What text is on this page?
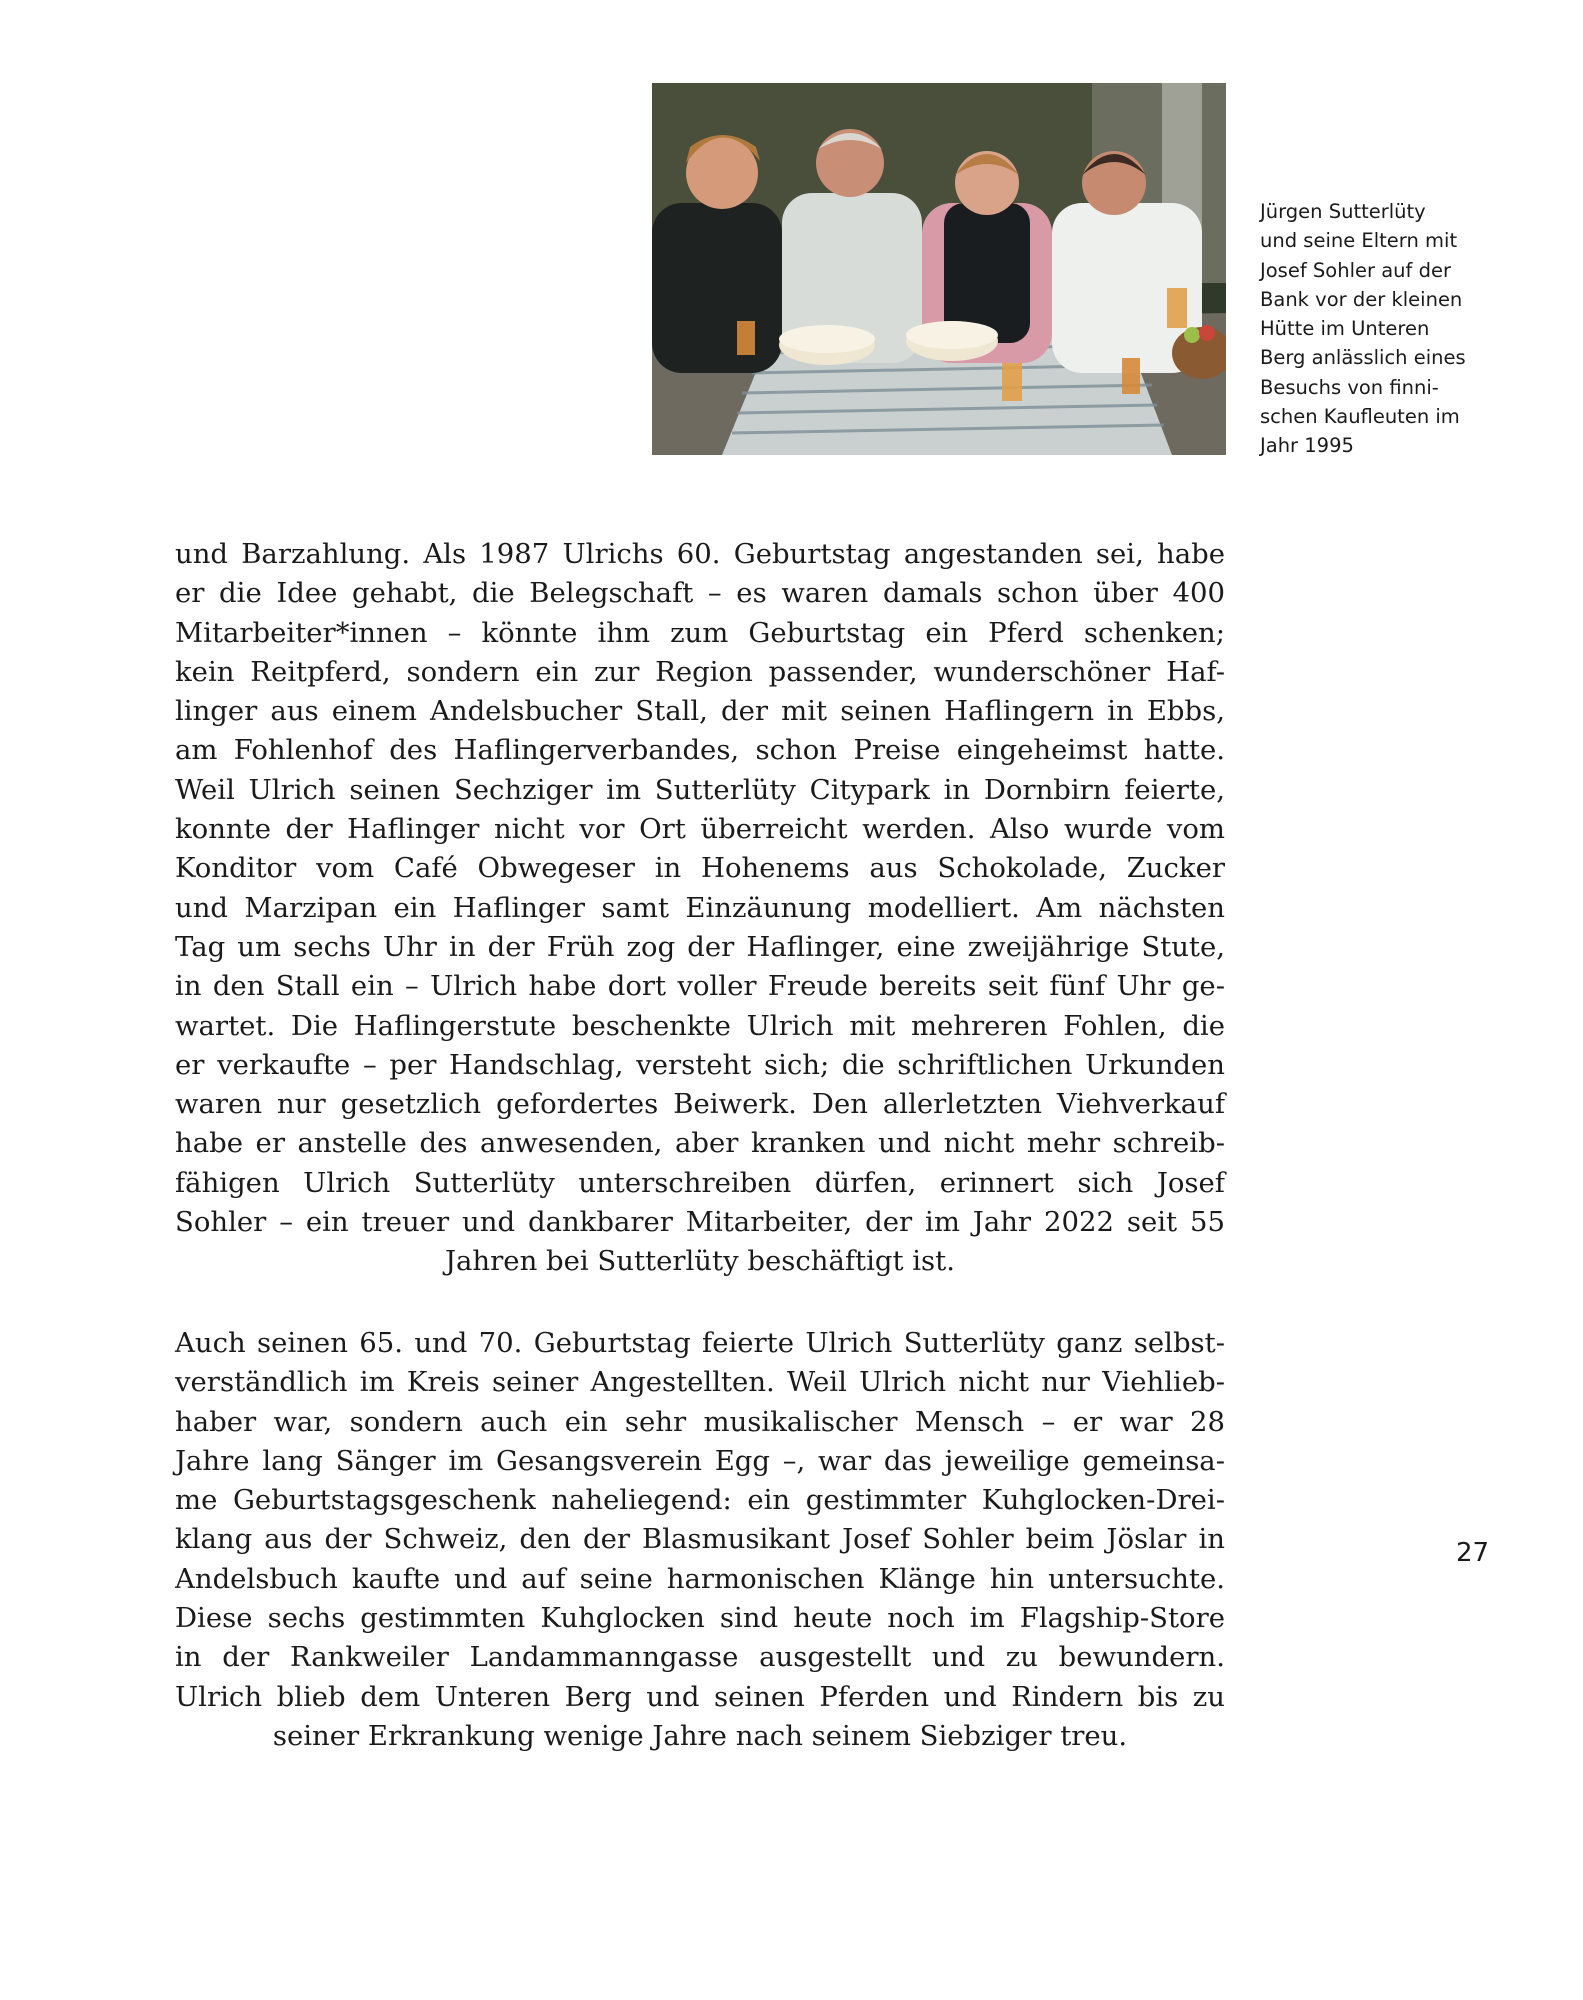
Jürgen Sutterlüty
und seine Eltern mit
Josef Sohler auf der
Bank vor der kleinen
Hütte im Unteren
Berg anlässlich eines
Besuchs von finni-
schen Kaufleuten im
Jahr 1995
und Barzahlung. Als 1987 Ulrichs 60. Geburtstag angestanden sei, habe
er die Idee gehabt, die Belegschaft – es waren damals schon über 400
Mitarbeiter*innen – könnte ihm zum Geburtstag ein Pferd schenken;
kein Reitpferd, sondern ein zur Region passender, wunderschöner Haf-
linger aus einem Andelsbucher Stall, der mit seinen Haflingern in Ebbs,
am Fohlenhof des Haflingerverbandes, schon Preise eingeheimst hatte.
Weil Ulrich seinen Sechziger im Sutterlüty Citypark in Dornbirn feierte,
konnte der Haflinger nicht vor Ort überreicht werden. Also wurde vom
Konditor vom Café Obwegeser in Hohenems aus Schokolade, Zucker
und Marzipan ein Haflinger samt Einzäunung modelliert. Am nächsten
Tag um sechs Uhr in der Früh zog der Haflinger, eine zweijährige Stute,
in den Stall ein – Ulrich habe dort voller Freude bereits seit fünf Uhr ge-
wartet. Die Haflingerstute beschenkte Ulrich mit mehreren Fohlen, die
er verkaufte – per Handschlag, versteht sich; die schriftlichen Urkunden
waren nur gesetzlich gefordertes Beiwerk. Den allerletzten Viehverkauf
habe er anstelle des anwesenden, aber kranken und nicht mehr schreib-
fähigen Ulrich Sutterlüty unterschreiben dürfen, erinnert sich Josef
Sohler – ein treuer und dankbarer Mitarbeiter, der im Jahr 2022 seit 55
Jahren bei Sutterlüty beschäftigt ist.
Auch seinen 65. und 70. Geburtstag feierte Ulrich Sutterlüty ganz selbst-
verständlich im Kreis seiner Angestellten. Weil Ulrich nicht nur Viehlieb-
haber war, sondern auch ein sehr musikalischer Mensch – er war 28
Jahre lang Sänger im Gesangsverein Egg –, war das jeweilige gemeinsa-
me Geburtstagsgeschenk naheliegend: ein gestimmter Kuhglocken-Drei-
klang aus der Schweiz, den der Blasmusikant Josef Sohler beim Jöslar in
Andelsbuch kaufte und auf seine harmonischen Klänge hin untersuchte.
Diese sechs gestimmten Kuhglocken sind heute noch im Flagship-Store
in der Rankweiler Landammanngasse ausgestellt und zu bewundern.
Ulrich blieb dem Unteren Berg und seinen Pferden und Rindern bis zu
seiner Erkrankung wenige Jahre nach seinem Siebziger treu.
27
